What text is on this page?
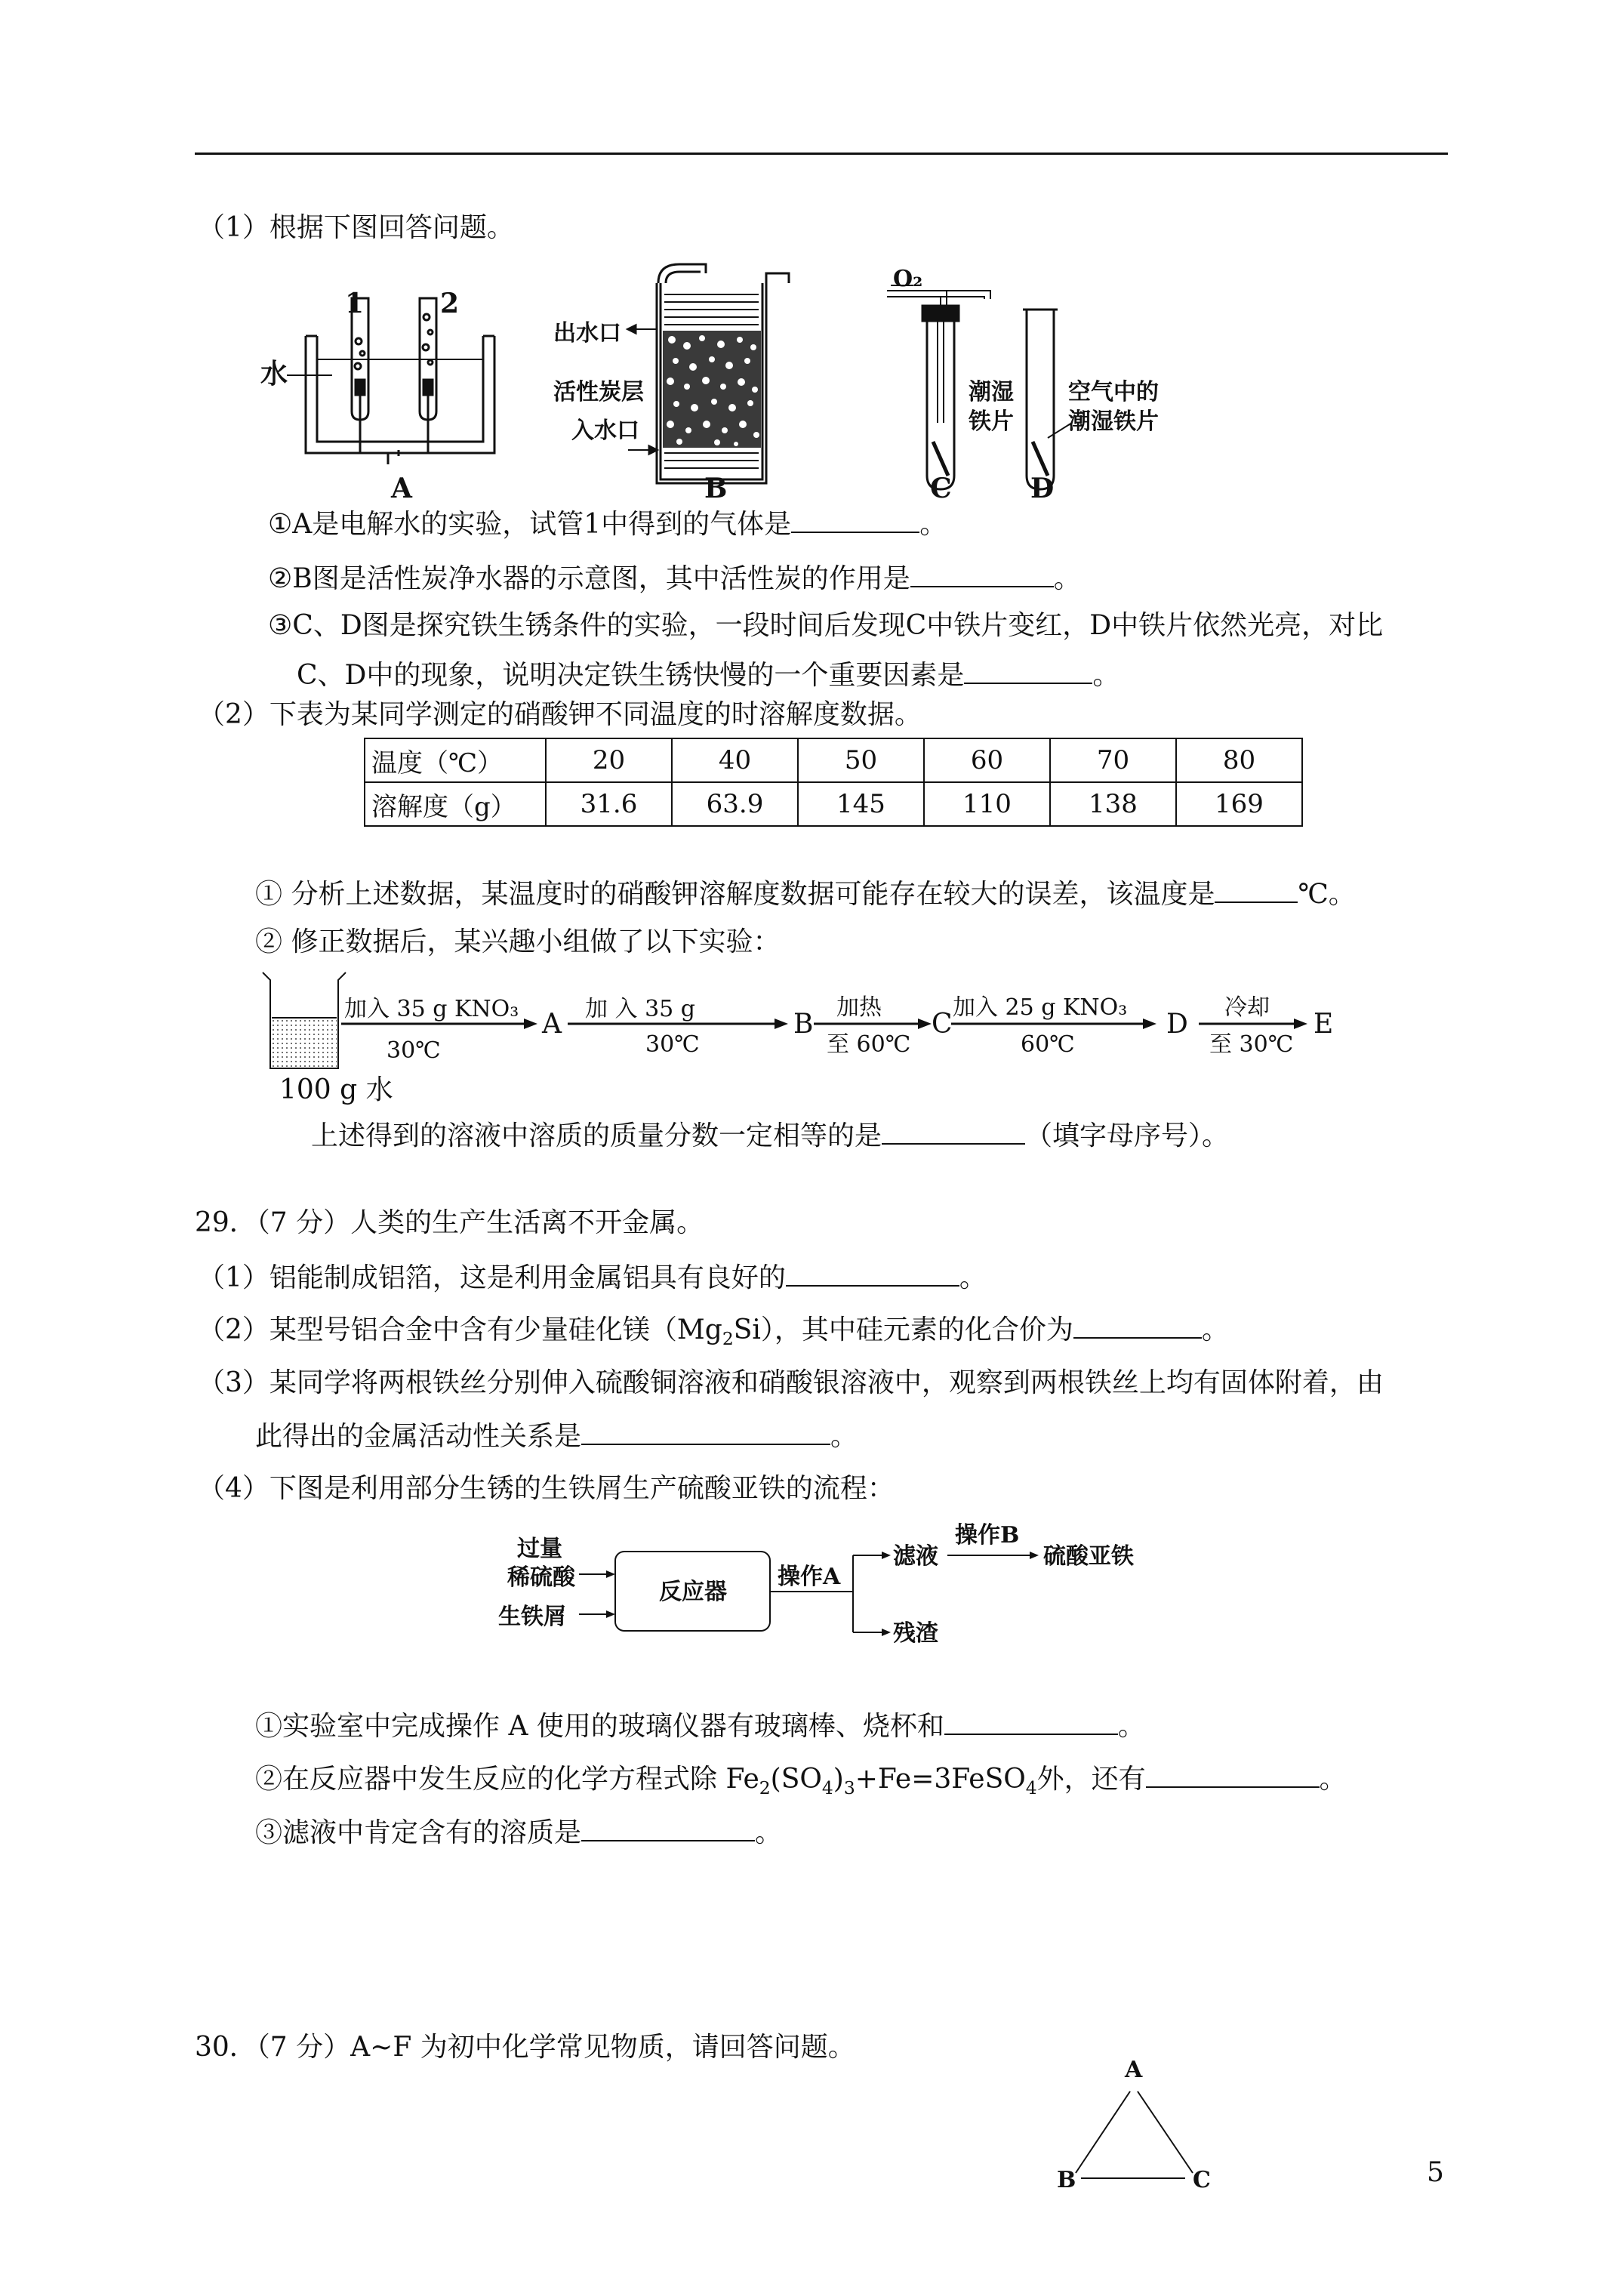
（1）根据下图回答问题。
1	2
水
A
出水口
活性炭层
入水口
B
O₂
潮湿
铁片
C
空气中的
潮湿铁片
D
①A是电解水的实验，试管1中得到的气体是	。
②B图是活性炭净水器的示意图，其中活性炭的作用是	。
③C、D图是探究铁生锈条件的实验，一段时间后发现C中铁片变红，D中铁片依然光亮，对比
C、D中的现象，说明决定铁生锈快慢的一个重要因素是	。
（2）下表为某同学测定的硝酸钾不同温度的时溶解度数据。
温度（℃）	20	40	50	60	70	80
溶解度（g）	31.6	63.9	145	110	138	169
① 分析上述数据，某温度时的硝酸钾溶解度数据可能存在较大的误差，该温度是	℃。
② 修正数据后，某兴趣小组做了以下实验：
加入 35 g KNO₃
30℃
A 加 入 35 g
30℃
B
加热
至 60℃
C
加入 25 g KNO₃
60℃
D
冷却
至 30℃
E
100 g 水
上述得到的溶液中溶质的质量分数一定相等的是	（填字母序号）。
29．（7 分）人类的生产生活离不开金属。
（1）铝能制成铝箔，这是利用金属铝具有良好的	。
（2）某型号铝合金中含有少量硅化镁$(Mg_2Si)$，其中硅元素的化合价为	。
（3）某同学将两根铁丝分别伸入硫酸铜溶液和硝酸银溶液中，观察到两根铁丝上均有固体附着，由
此得出的金属活动性关系是	。
（4）下图是利用部分生锈的生铁屑生产硫酸亚铁的流程：
过量
稀硫酸
生铁屑
反应器
操作A
滤液
操作B
硫酸亚铁
残渣
①实验室中完成操作 A 使用的玻璃仪器有玻璃棒、烧杯和	。
②在反应器中发生反应的化学方程式除 $Fe_2(SO_4)_3+Fe=3FeSO_4$外，还有	。
③滤液中肯定含有的溶质是	。
30．（7 分）A~F 为初中化学常见物质，请回答问题。
A
B	C	5
